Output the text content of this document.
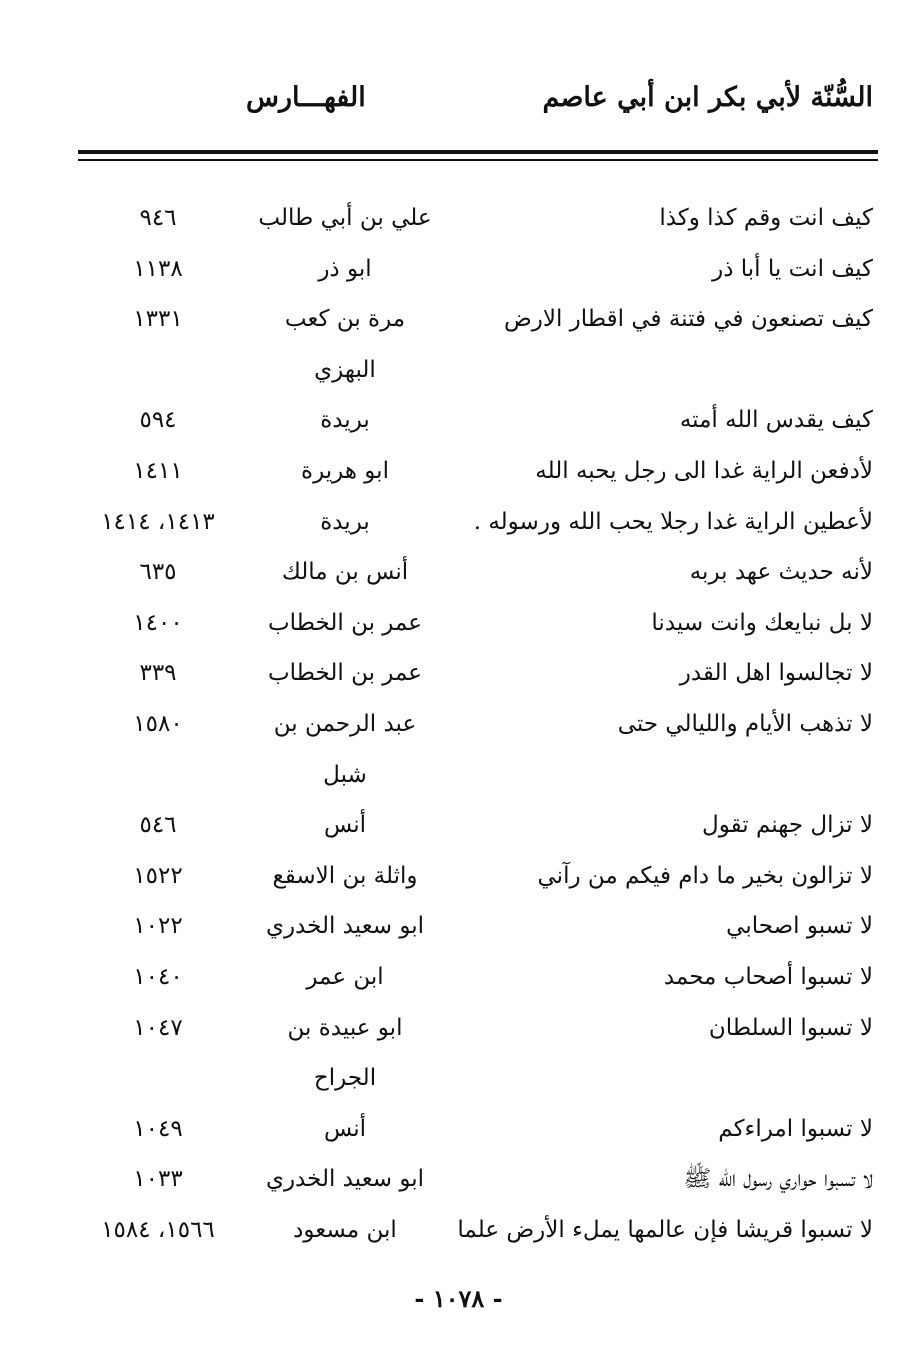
السُّنّة لأبي بكر ابن أبي عاصم
الفهـــارس
كيف انت وقم كذا وكذا
علي بن أبي طالب
٩٤٦
كيف انت يا أبا ذر
ابو ذر
١١٣٨
كيف تصنعون في فتنة في اقطار الارض
مرة بن كعب
١٣٣١
البهزي
كيف يقدس الله أمته
بريدة
٥٩٤
لأدفعن الراية غدا الى رجل يحبه الله
ابو هريرة
١٤١١
لأعطين الراية غدا رجلا يحب الله ورسوله .
بريدة
١٤١٣، ١٤١٤
لأنه حديث عهد بربه
أنس بن مالك
٦٣٥
لا بل نبايعك وانت سيدنا
عمر بن الخطاب
١٤٠٠
لا تجالسوا اهل القدر
عمر بن الخطاب
٣٣٩
لا تذهب الأيام والليالي حتى
عبد الرحمن بن
١٥٨٠
شبل
لا تزال جهنم تقول
أنس
٥٤٦
لا تزالون بخير ما دام فيكم من رآني
واثلة بن الاسقع
١٥٢٢
لا تسبو اصحابي
ابو سعيد الخدري
١٠٢٢
لا تسبوا أصحاب محمد
ابن عمر
١٠٤٠
لا تسبوا السلطان
ابو عبيدة بن
١٠٤٧
الجراح
لا تسبوا امراءكم
أنس
١٠٤٩
لا تسبوا حواري رسول الله ﷺ
ابو سعيد الخدري
١٠٣٣
لا تسبوا قريشا فإن عالمها يملء الأرض علما
ابن مسعود
١٥٦٦، ١٥٨٤
- ١٠٧٨ -
